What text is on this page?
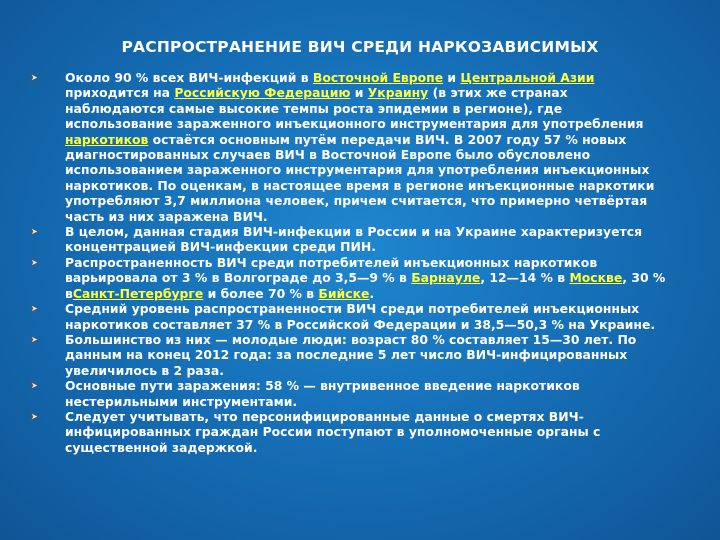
РАСПРОСТРАНЕНИЕ ВИЧ СРЕДИ НАРКОЗАВИСИМЫХ
Около 90 % всех ВИЧ-инфекций в Восточной Европе и Центральной Азии приходится на Российскую Федерацию и Украину (в этих же странах наблюдаются самые высокие темпы роста эпидемии в регионе), где использование зараженного инъекционного инструментария для употребления наркотиков остаётся основным путём передачи ВИЧ. В 2007 году 57 % новых диагностированных случаев ВИЧ в Восточной Европе было обусловлено использованием зараженного инструментария для употребления инъекционных наркотиков. По оценкам, в настоящее время в регионе инъекционные наркотики употребляют 3,7 миллиона человек, причем считается, что примерно четвёртая часть из них заражена ВИЧ.
В целом, данная стадия ВИЧ-инфекции в России и на Украине характеризуется концентрацией ВИЧ-инфекции среди ПИН.
Распространенность ВИЧ среди потребителей инъекционных наркотиков варьировала от 3 % в Волгограде до 3,5—9 % в Барнауле, 12—14 % в Москве, 30 % вСанкт-Петербурге и более 70 % в Бийске.
Средний уровень распространенности ВИЧ среди потребителей инъекционных наркотиков составляет 37 % в Российской Федерации и 38,5—50,3 % на Украине.
Большинство из них — молодые люди: возраст 80 % составляет 15—30 лет. По данным на конец 2012 года: за последние 5 лет число ВИЧ-инфицированных увеличилось в 2 раза.
Основные пути заражения: 58 % — внутривенное введение наркотиков нестерильными инструментами.
Следует учитывать, что персонифицированные данные о смертях ВИЧ-инфицированных граждан России поступают в уполномоченные органы с существенной задержкой.
